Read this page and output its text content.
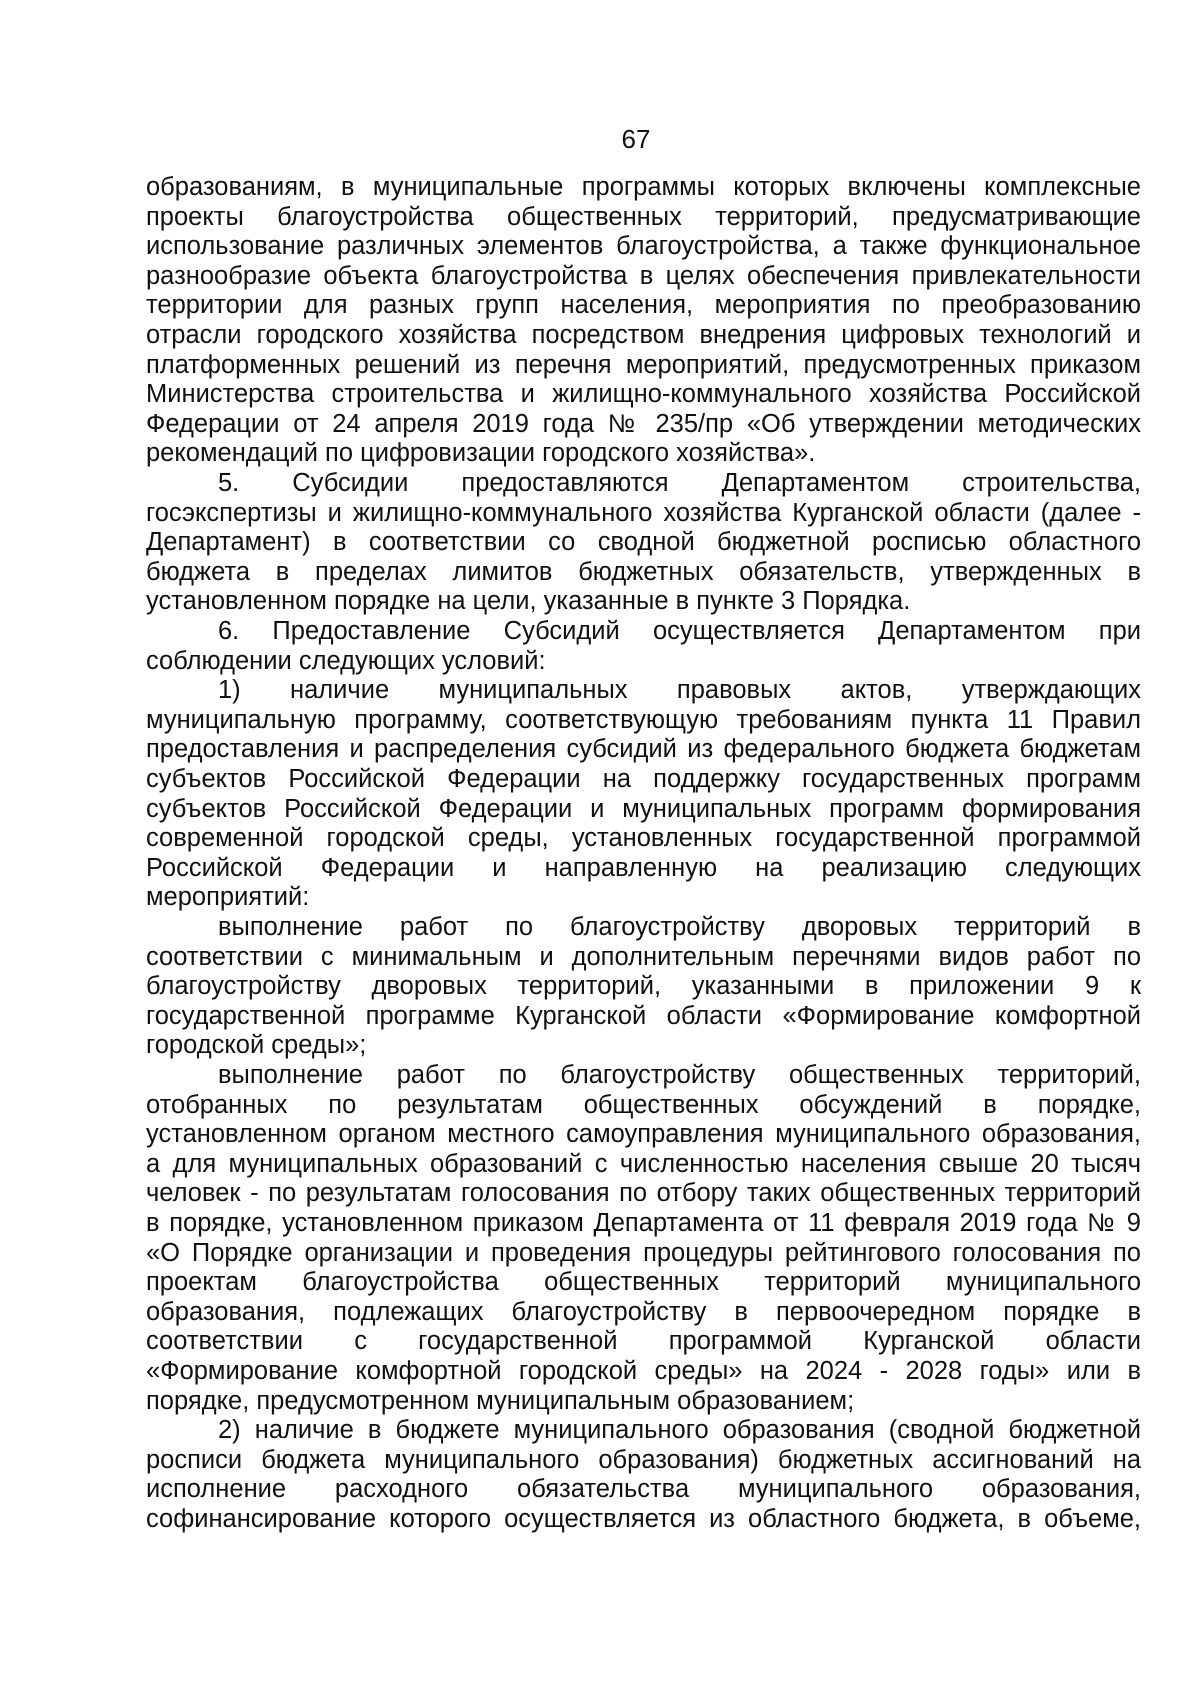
67
образованиям, в муниципальные программы которых включены комплексные
проекты благоустройства общественных территорий, предусматривающие
использование различных элементов благоустройства, а также функциональное
разнообразие объекта благоустройства в целях обеспечения привлекательности
территории для разных групп населения, мероприятия по преобразованию
отрасли городского хозяйства посредством внедрения цифровых технологий и
платформенных решений из перечня мероприятий, предусмотренных приказом
Министерства строительства и жилищно-коммунального хозяйства Российской
Федерации от 24 апреля 2019 года № 235/пр «Об утверждении методических
рекомендаций по цифровизации городского хозяйства».
5. Субсидии предоставляются Департаментом строительства,
госэкспертизы и жилищно-коммунального хозяйства Курганской области (далее -
Департамент) в соответствии со сводной бюджетной росписью областного
бюджета в пределах лимитов бюджетных обязательств, утвержденных в
установленном порядке на цели, указанные в пункте 3 Порядка.
6. Предоставление Субсидий осуществляется Департаментом при
соблюдении следующих условий:
1) наличие муниципальных правовых актов, утверждающих
муниципальную программу, соответствующую требованиям пункта 11 Правил
предоставления и распределения субсидий из федерального бюджета бюджетам
субъектов Российской Федерации на поддержку государственных программ
субъектов Российской Федерации и муниципальных программ формирования
современной городской среды, установленных государственной программой
Российской Федерации и направленную на реализацию следующих
мероприятий:
выполнение работ по благоустройству дворовых территорий в
соответствии с минимальным и дополнительным перечнями видов работ по
благоустройству дворовых территорий, указанными в приложении 9 к
государственной программе Курганской области «Формирование комфортной
городской среды»;
выполнение работ по благоустройству общественных территорий,
отобранных по результатам общественных обсуждений в порядке,
установленном органом местного самоуправления муниципального образования,
а для муниципальных образований с численностью населения свыше 20 тысяч
человек - по результатам голосования по отбору таких общественных территорий
в порядке, установленном приказом Департамента от 11 февраля 2019 года № 9
«О Порядке организации и проведения процедуры рейтингового голосования по
проектам благоустройства общественных территорий муниципального
образования, подлежащих благоустройству в первоочередном порядке в
соответствии с государственной программой Курганской области
«Формирование комфортной городской среды» на 2024 - 2028 годы» или в
порядке, предусмотренном муниципальным образованием;
2) наличие в бюджете муниципального образования (сводной бюджетной
росписи бюджета муниципального образования) бюджетных ассигнований на
исполнение расходного обязательства муниципального образования,
софинансирование которого осуществляется из областного бюджета, в объеме,
